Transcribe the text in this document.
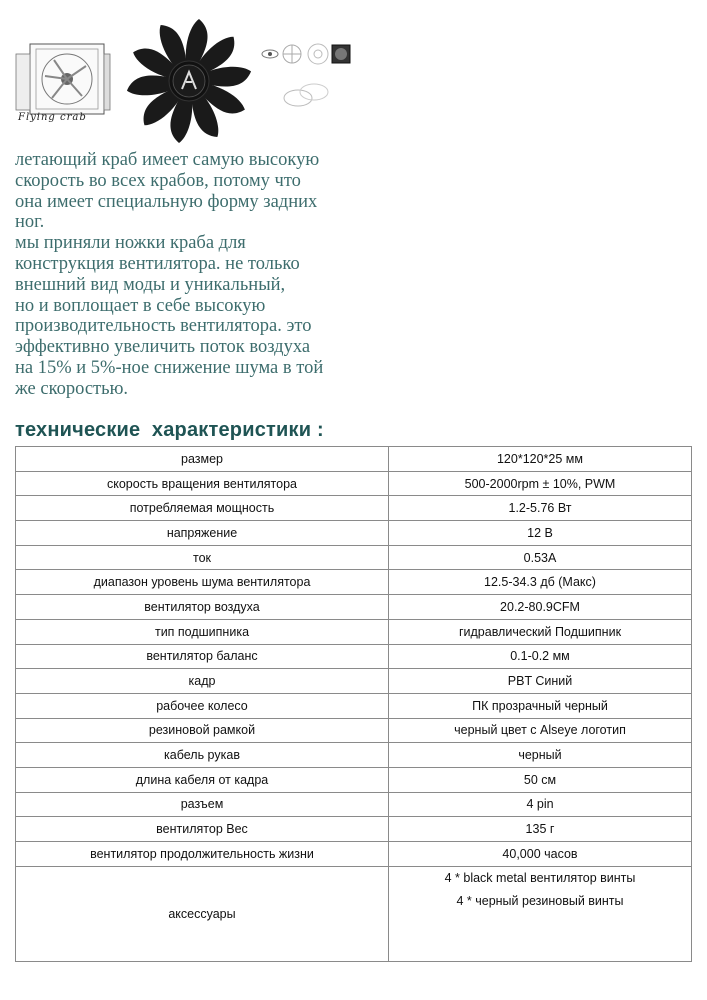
Flying crab

летающий краб имеет самую высокую

скорость во всех крабов, потому что

она имеет специальную форму задних

ног.

мы приняли ножки краба для

конструкция вентилятора. не только

внешний вид моды и уникальный,

но и воплощает в себе высокую

производительность вентилятора. это

эффективно увеличить поток воздуха

на 15% и 5%-ное снижение шума в той

же скоростью.

технические  характеристики :
размер	120*120*25 мм
скорость вращения вентилятора	500-2000rpm ± 10%, PWM
потребляемая мощность	1.2-5.76 Вт
напряжение	12 В
ток	0.53А
диапазон уровень шума вентилятора	12.5-34.3 дб (Макс)
вентилятор воздуха	20.2-80.9CFM
тип подшипника	гидравлический Подшипник
вентилятор баланс	0.1-0.2 мм
кадр	PBT Синий
рабочее колесо	ПК прозрачный черный
резиновой рамкой	черный цвет с Alseye логотип
кабель рукав	черный
длина кабеля от кадра	50 см
разъем	4 pin
вентилятор Вес	135 г
вентилятор продолжительность жизни	40,000 часов
аксессуары	4 * black metal вентилятор винты
4 * черный резиновый винты
